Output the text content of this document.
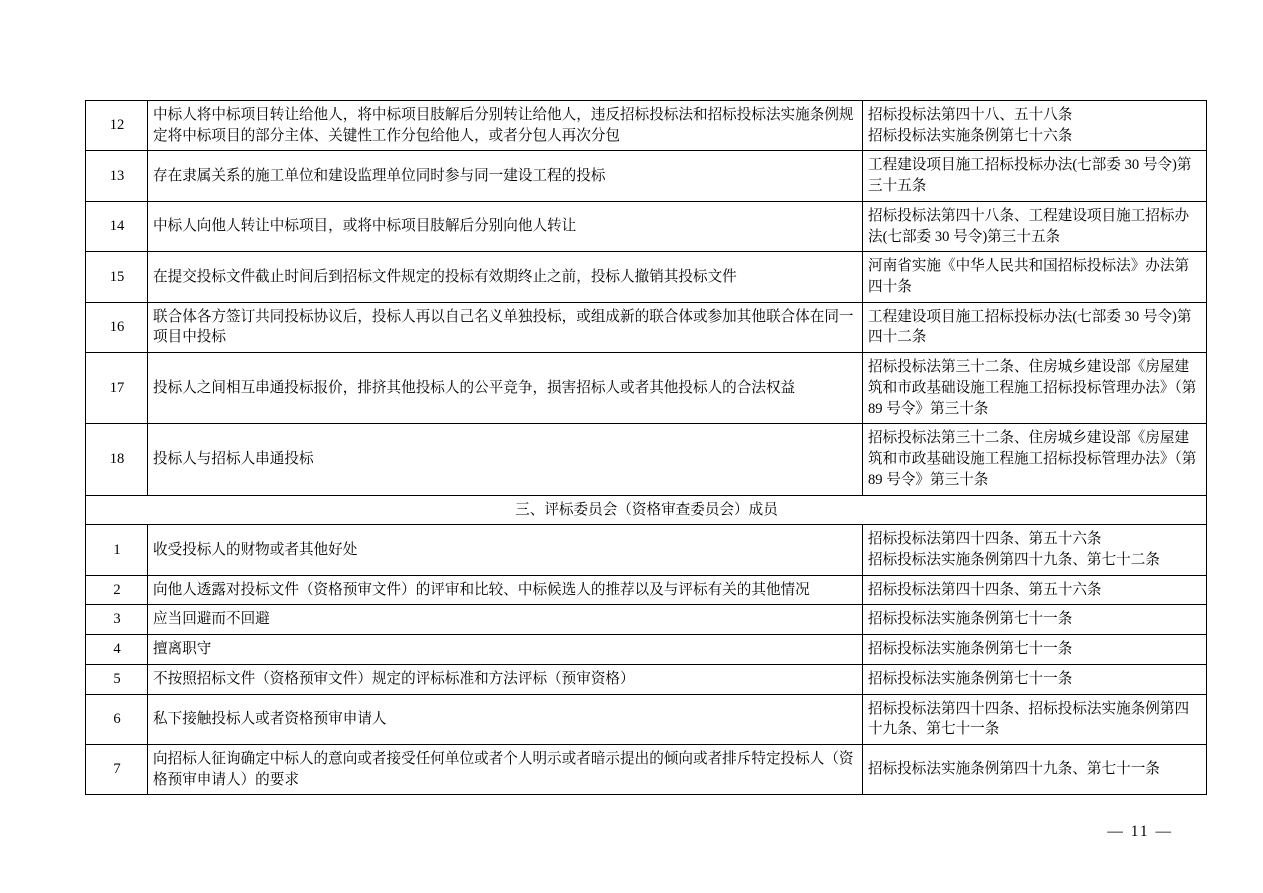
12	中标人将中标项目转让给他人，将中标项目肢解后分别转让给他人，违反招标投标法和招标投标法实施条例规定将中标项目的部分主体、关键性工作分包给他人，或者分包人再次分包	招标投标法第四十八、五十八条
招标投标法实施条例第七十六条
13	存在隶属关系的施工单位和建设监理单位同时参与同一建设工程的投标	工程建设项目施工招标投标办法(七部委 30 号令)第三十五条
14	中标人向他人转让中标项目，或将中标项目肢解后分别向他人转让	招标投标法第四十八条、工程建设项目施工招标办法(七部委 30 号令)第三十五条
15	在提交投标文件截止时间后到招标文件规定的投标有效期终止之前，投标人撤销其投标文件	河南省实施《中华人民共和国招标投标法》办法第四十条
16	联合体各方签订共同投标协议后，投标人再以自己名义单独投标，或组成新的联合体或参加其他联合体在同一项目中投标	工程建设项目施工招标投标办法(七部委 30 号令)第四十二条
17	投标人之间相互串通投标报价，排挤其他投标人的公平竞争，损害招标人或者其他投标人的合法权益	招标投标法第三十二条、住房城乡建设部《房屋建筑和市政基础设施工程施工招标投标管理办法》（第 89 号令》第三十条
18	投标人与招标人串通投标	招标投标法第三十二条、住房城乡建设部《房屋建筑和市政基础设施工程施工招标投标管理办法》（第 89 号令》第三十条
三、评标委员会（资格审查委员会）成员		
1	收受投标人的财物或者其他好处	招标投标法第四十四条、第五十六条
招标投标法实施条例第四十九条、第七十二条
2	向他人透露对投标文件（资格预审文件）的评审和比较、中标候选人的推荐以及与评标有关的其他情况	招标投标法第四十四条、第五十六条
3	应当回避而不回避	招标投标法实施条例第七十一条
4	擅离职守	招标投标法实施条例第七十一条
5	不按照招标文件（资格预审文件）规定的评标标准和方法评标（预审资格）	招标投标法实施条例第七十一条
6	私下接触投标人或者资格预审申请人	招标投标法第四十四条、招标投标法实施条例第四十九条、第七十一条
7	向招标人征询确定中标人的意向或者接受任何单位或者个人明示或者暗示提出的倾向或者排斥特定投标人（资格预审申请人）的要求	招标投标法实施条例第四十九条、第七十一条
— 11 —
